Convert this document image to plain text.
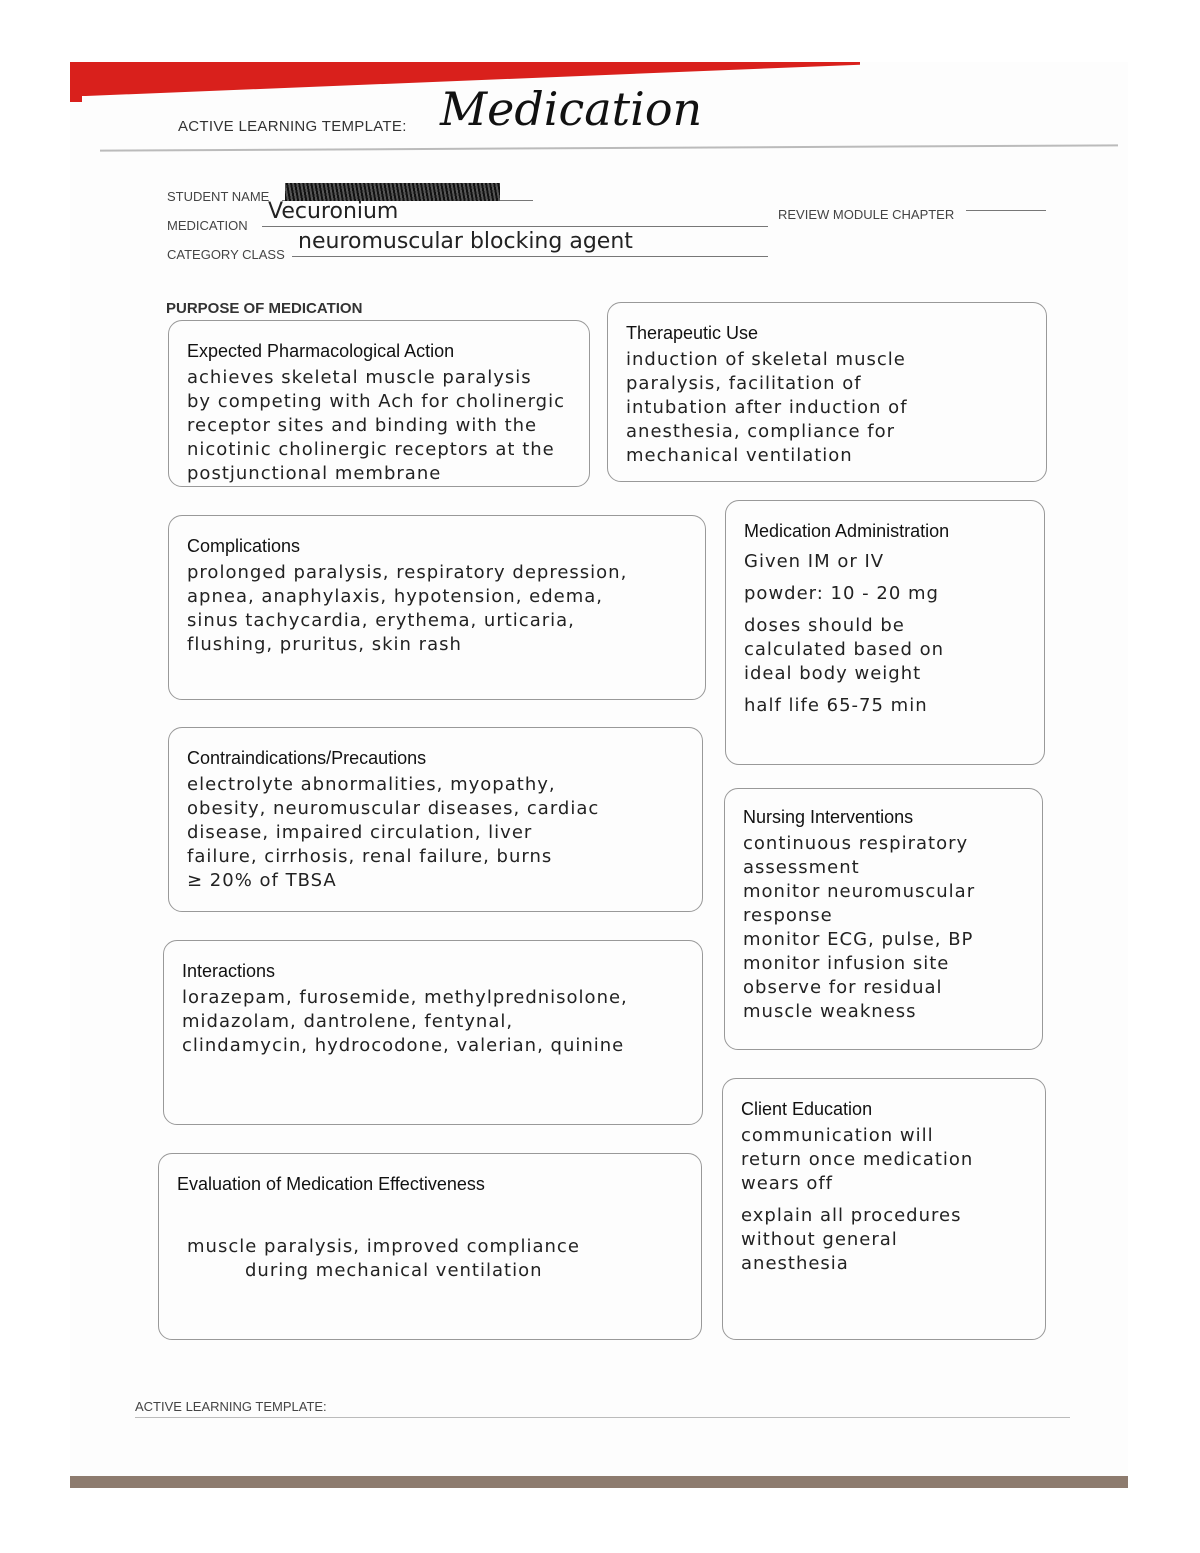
ACTIVE LEARNING TEMPLATE: Medication
STUDENT NAME
MEDICATION
Vecuronium
CATEGORY CLASS
neuromuscular blocking agent
REVIEW MODULE CHAPTER
PURPOSE OF MEDICATION
Expected Pharmacological Action
achieves skeletal muscle paralysis
by competing with Ach for cholinergic
receptor sites and binding with the
nicotinic cholinergic receptors at the
postjunctional membrane
Therapeutic Use
induction of skeletal muscle
paralysis, facilitation of
intubation after induction of
anesthesia, compliance for
mechanical ventilation
Complications
prolonged paralysis, respiratory depression,
apnea, anaphylaxis, hypotension, edema,
sinus tachycardia, erythema, urticaria,
flushing, pruritus, skin rash
Medication Administration
Given IM or IV
powder: 10 - 20 mg
doses should be
calculated based on
ideal body weight
half life 65-75 min
Contraindications/Precautions
electrolyte abnormalities, myopathy,
obesity, neuromuscular diseases, cardiac
disease, impaired circulation, liver
failure, cirrhosis, renal failure, burns
≥ 20% of TBSA
Nursing Interventions
continuous respiratory
assessment
monitor neuromuscular
response
monitor ECG, pulse, BP
monitor infusion site
observe for residual
muscle weakness
Interactions
lorazepam, furosemide, methylprednisolone,
midazolam, dantrolene, fentynal,
clindamycin, hydrocodone, valerian, quinine
Client Education
communication will
return once medication
wears off
explain all procedures
without general
anesthesia
Evaluation of Medication Effectiveness
muscle paralysis, improved compliance
during mechanical ventilation
ACTIVE LEARNING TEMPLATE:
